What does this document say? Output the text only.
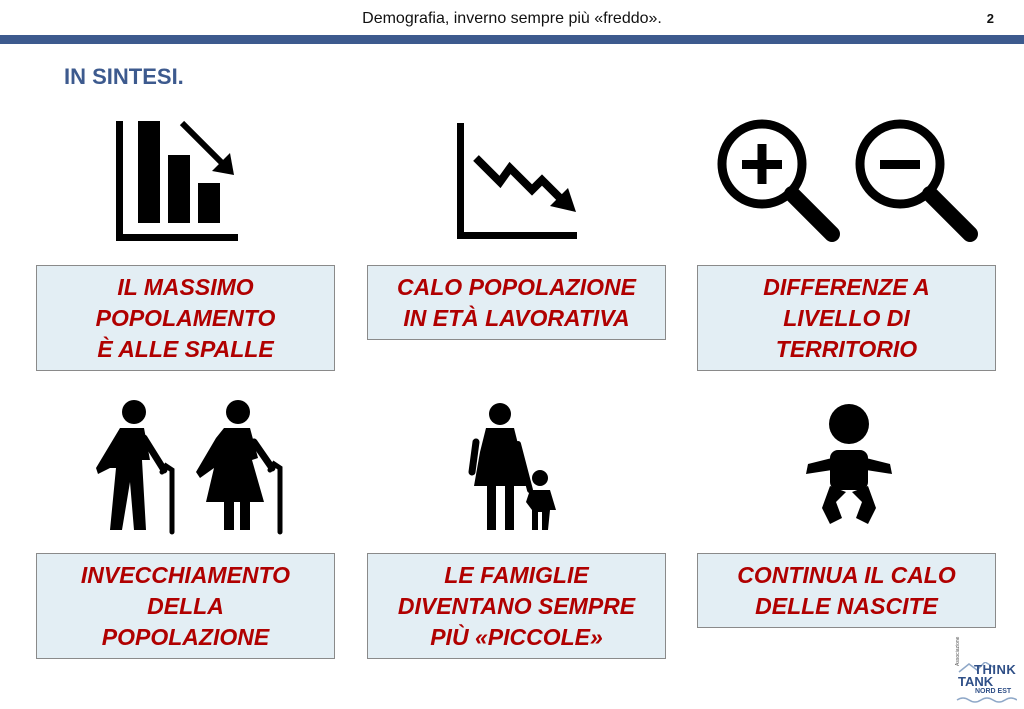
Demografia, inverno sempre più «freddo».	2
IN SINTESI.
IL MASSIMO
POPOLAMENTO
È ALLE SPALLE
CALO POPOLAZIONE
IN ETÀ LAVORATIVA
DIFFERENZE A
LIVELLO DI
TERRITORIO
INVECCHIAMENTO
DELLA
POPOLAZIONE
LE FAMIGLIE
DIVENTANO SEMPRE
PIÙ «PICCOLE»
CONTINUA IL CALO
DELLE NASCITE
Associazione
THINK
TANK
NORD EST
